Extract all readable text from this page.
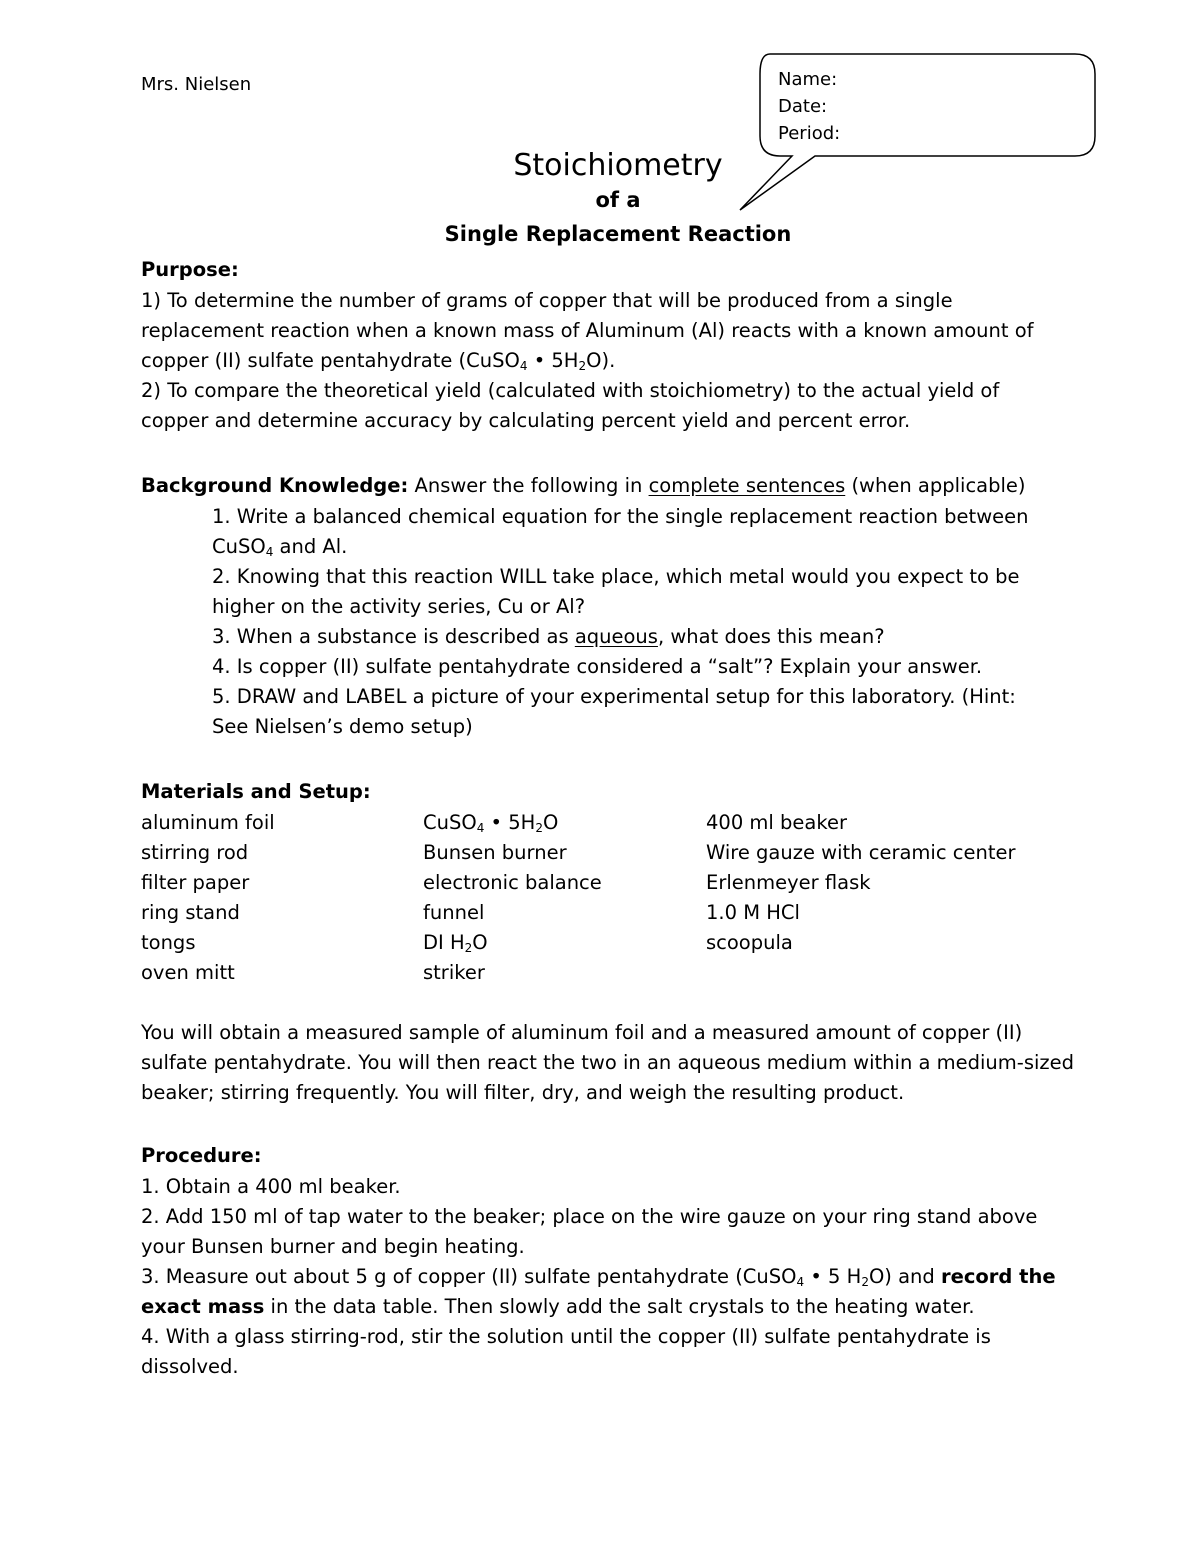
Mrs. Nielsen	Name:
Date:
Period:
Stoichiometry
of a
Single Replacement Reaction
Purpose:
1) To determine the number of grams of copper that will be produced from a single
replacement reaction when a known mass of Aluminum (Al) reacts with a known amount of
copper (II) sulfate pentahydrate (CuSO$_4$ • $5H_2O$).
2) To compare the theoretical yield (calculated with stoichiometry) to the actual yield of
copper and determine accuracy by calculating percent yield and percent error.
Background Knowledge: Answer the following in complete sentences (when applicable)
1. Write a balanced chemical equation for the single replacement reaction between
CuSO$_4$ and Al.
2. Knowing that this reaction WILL take place, which metal would you expect to be
higher on the activity series, Cu or Al?
3. When a substance is described as aqueous, what does this mean?
4. Is copper (II) sulfate pentahydrate considered a “salt”? Explain your answer.
5. DRAW and LABEL a picture of your experimental setup for this laboratory. (Hint:
See Nielsen’s demo setup)
Materials and Setup:
aluminum foil
stirring rod
filter paper
ring stand
tongs
oven mitt
CuSO$_4$ • $5H_2O$
Bunsen burner
electronic balance
funnel
DI $H_2O$
striker
400 ml beaker
Wire gauze with ceramic center
Erlenmeyer flask
1.0 M HCl
scoopula
You will obtain a measured sample of aluminum foil and a measured amount of copper (II)
sulfate pentahydrate. You will then react the two in an aqueous medium within a medium-sized
beaker; stirring frequently. You will filter, dry, and weigh the resulting product.
Procedure:
1. Obtain a 400 ml beaker.
2. Add 150 ml of tap water to the beaker; place on the wire gauze on your ring stand above
your Bunsen burner and begin heating.
3. Measure out about 5 g of copper (II) sulfate pentahydrate (CuSO$_4$ • 5 $H_2O$) and record the
exact mass in the data table. Then slowly add the salt crystals to the heating water.
4. With a glass stirring-rod, stir the solution until the copper (II) sulfate pentahydrate is
dissolved.
